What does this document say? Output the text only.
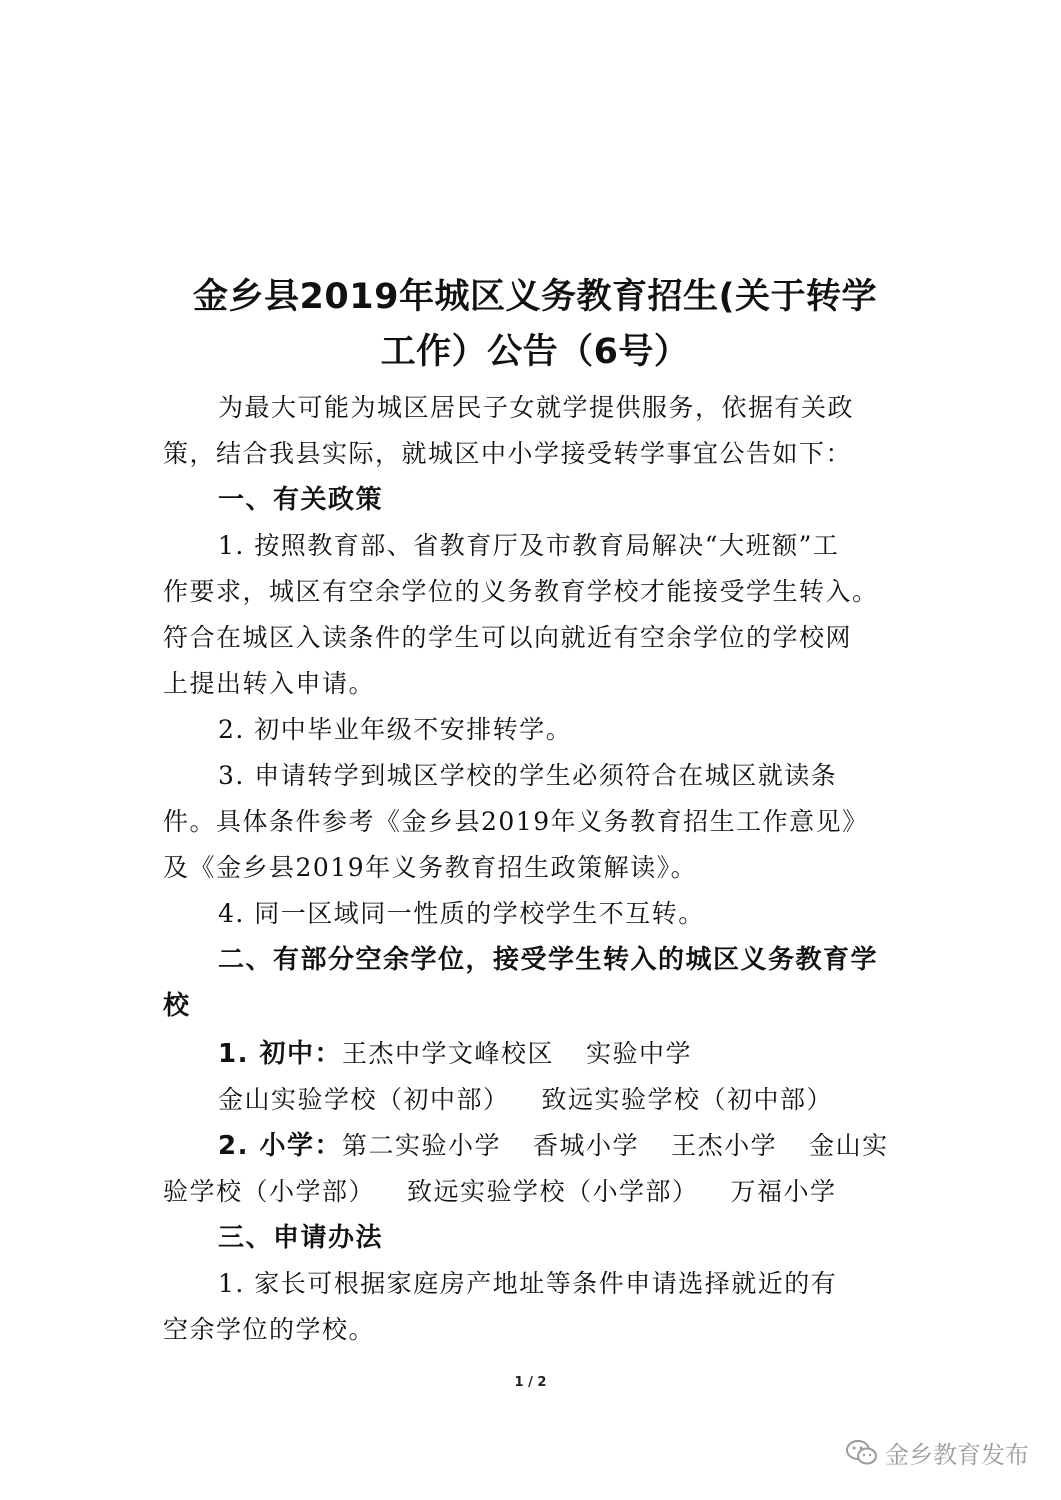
金乡县2019年城区义务教育招生(关于转学
工作）公告（6号）
为最大可能为城区居民子女就学提供服务，依据有关政
策，结合我县实际，就城区中小学接受转学事宜公告如下：
一、有关政策
1. 按照教育部、省教育厅及市教育局解决“大班额”工
作要求，城区有空余学位的义务教育学校才能接受学生转入。
符合在城区入读条件的学生可以向就近有空余学位的学校网
上提出转入申请。
2. 初中毕业年级不安排转学。
3. 申请转学到城区学校的学生必须符合在城区就读条
件。具体条件参考《金乡县2019年义务教育招生工作意见》
及《金乡县2019年义务教育招生政策解读》。
4. 同一区域同一性质的学校学生不互转。
二、有部分空余学位，接受学生转入的城区义务教育学
校
1. 初中：王杰中学文峰校区 实验中学
金山实验学校（初中部） 致远实验学校（初中部）
2. 小学：第二实验小学 香城小学 王杰小学 金山实
验学校（小学部） 致远实验学校（小学部） 万福小学
三、申请办法
1. 家长可根据家庭房产地址等条件申请选择就近的有
空余学位的学校。
1 / 2
金乡教育发布
